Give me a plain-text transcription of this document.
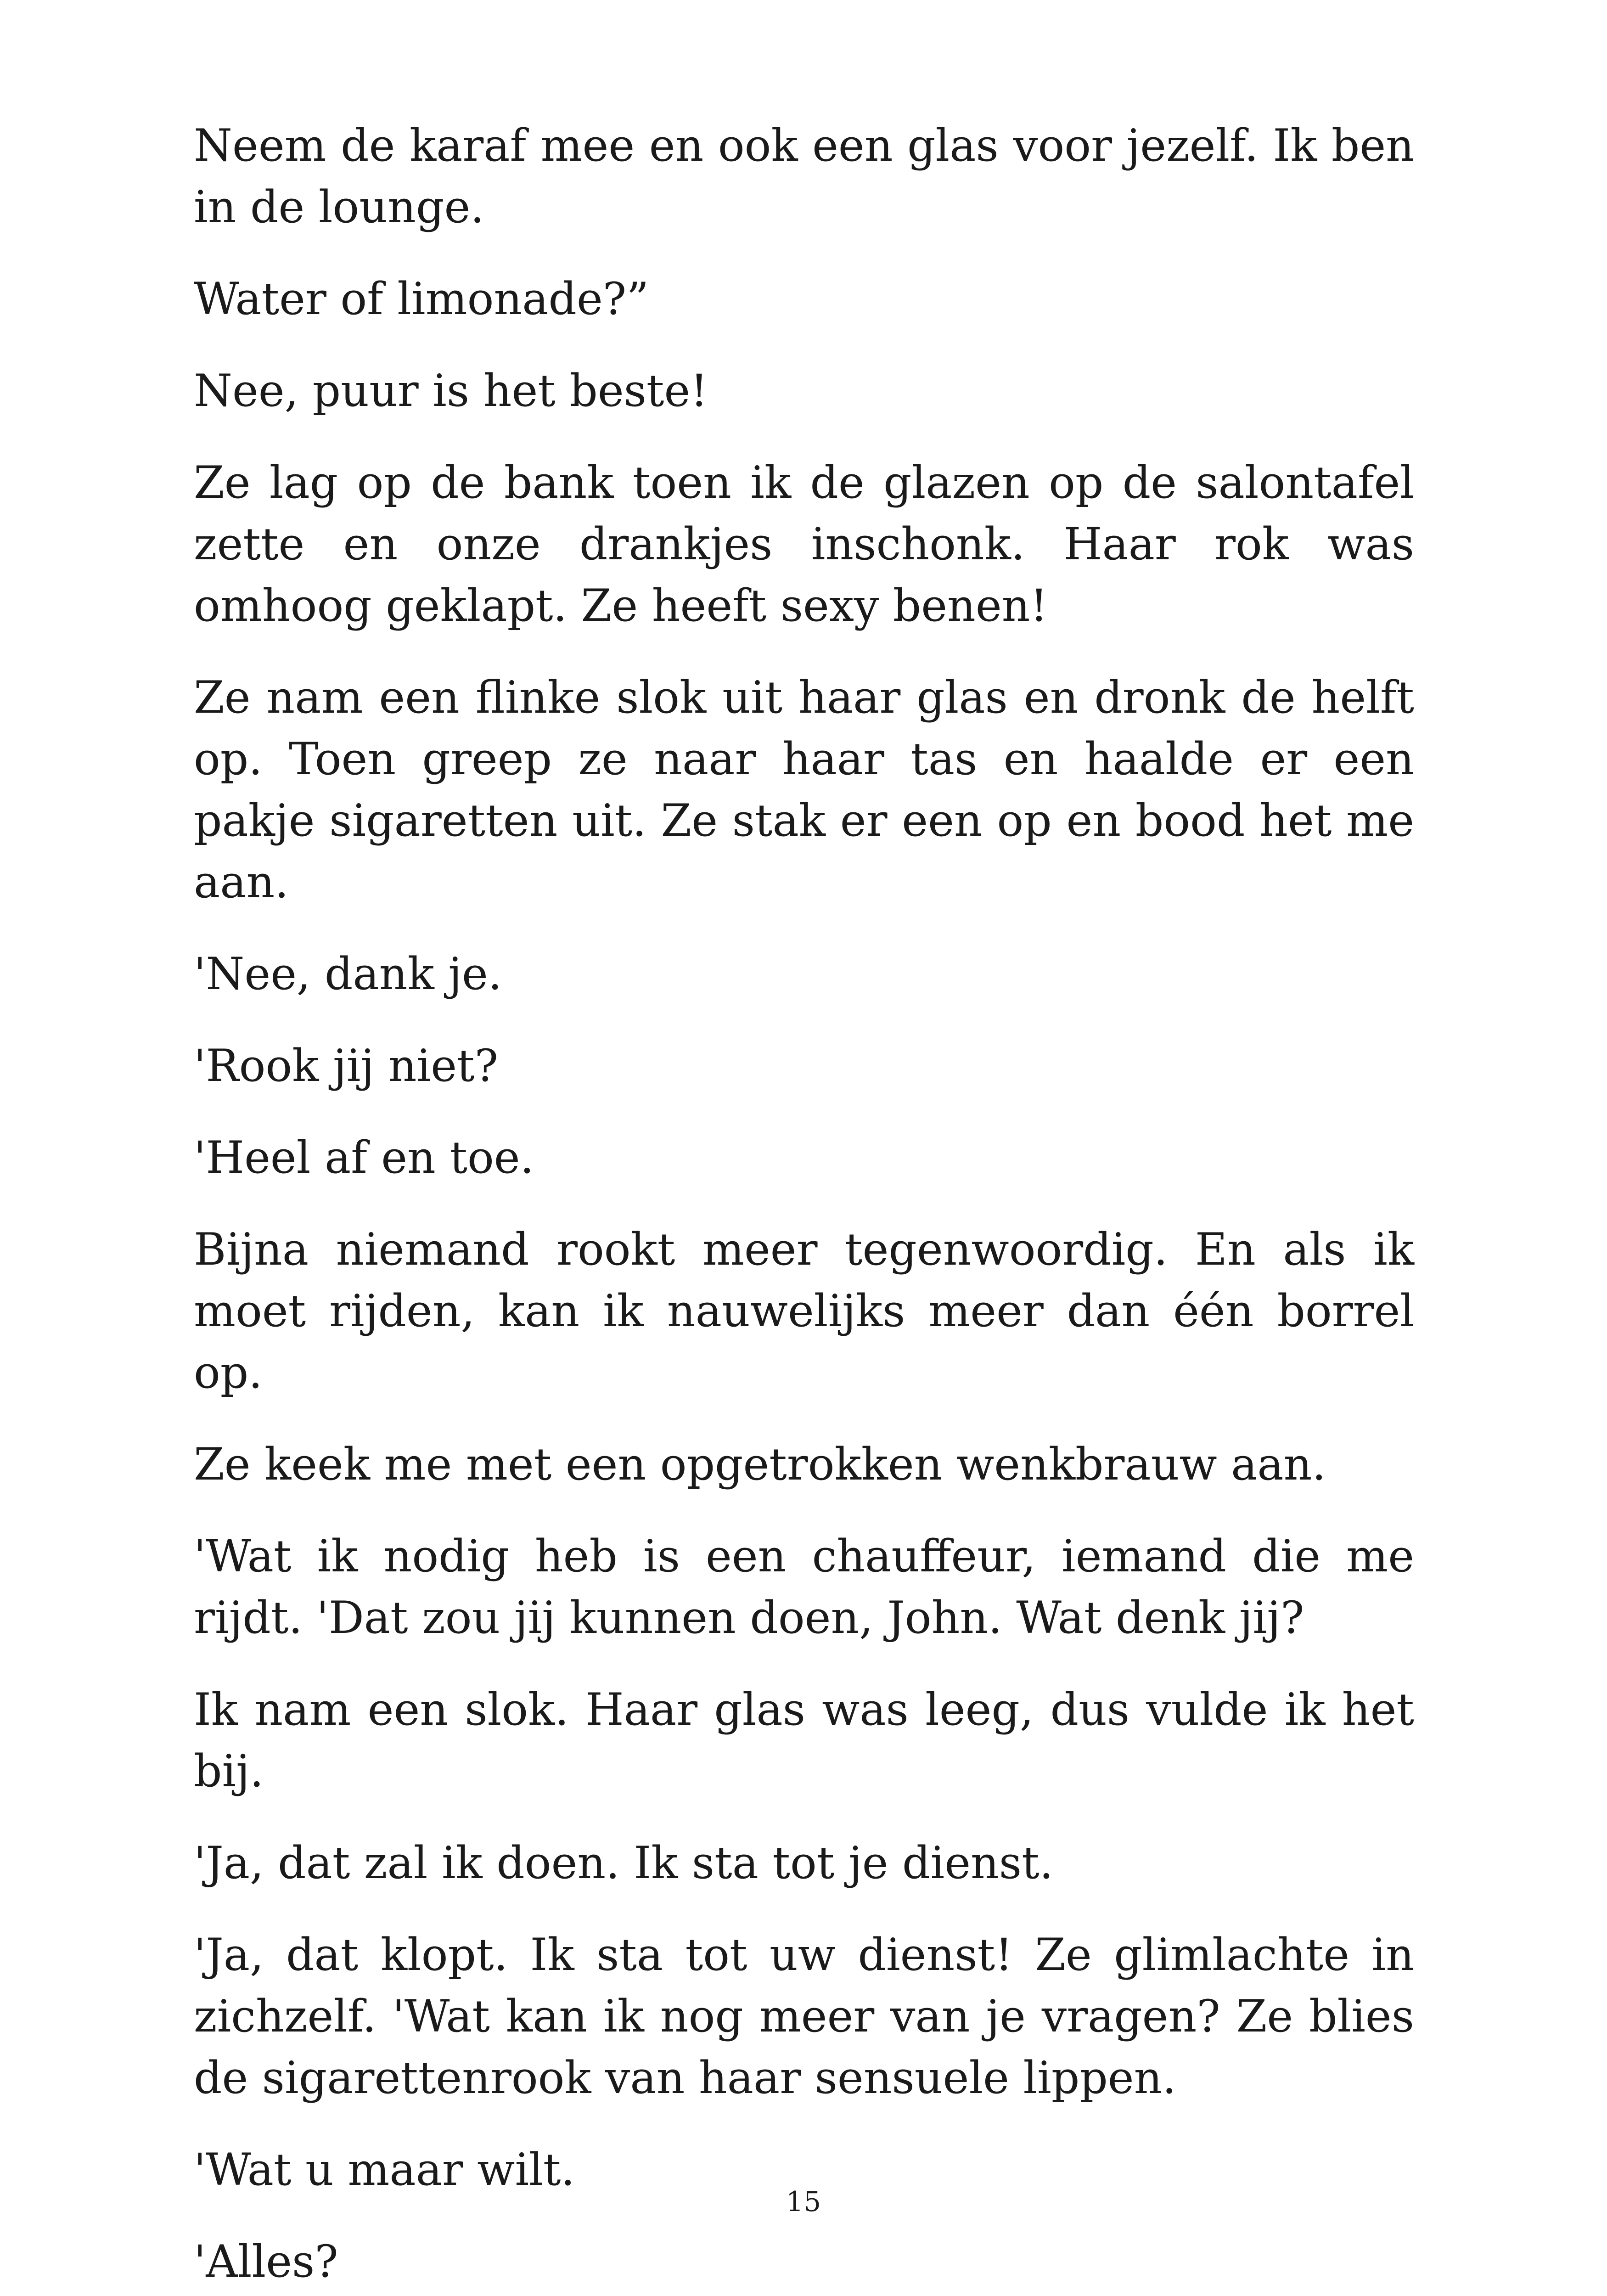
Neem de karaf mee en ook een glas voor jezelf. Ik ben in de lounge.

Water of limonade?”

Nee, puur is het beste!

Ze lag op de bank toen ik de glazen op de salontafel zette en onze drankjes inschonk. Haar rok was omhoog geklapt. Ze heeft sexy benen!

Ze nam een flinke slok uit haar glas en dronk de helft op. Toen greep ze naar haar tas en haalde er een pakje sigaretten uit. Ze stak er een op en bood het me aan.

'Nee, dank je.

'Rook jij niet?

'Heel af en toe.

Bijna niemand rookt meer tegenwoordig. En als ik moet rijden, kan ik nauwelijks meer dan één borrel op.

Ze keek me met een opgetrokken wenkbrauw aan.

'Wat ik nodig heb is een chauffeur, iemand die me rijdt. 'Dat zou jij kunnen doen, John. Wat denk jij?

Ik nam een slok. Haar glas was leeg, dus vulde ik het bij.

'Ja, dat zal ik doen. Ik sta tot je dienst.

'Ja, dat klopt. Ik sta tot uw dienst! Ze glimlachte in zichzelf. 'Wat kan ik nog meer van je vragen? Ze blies de sigarettenrook van haar sensuele lippen.

'Wat u maar wilt.

'Alles?

15
